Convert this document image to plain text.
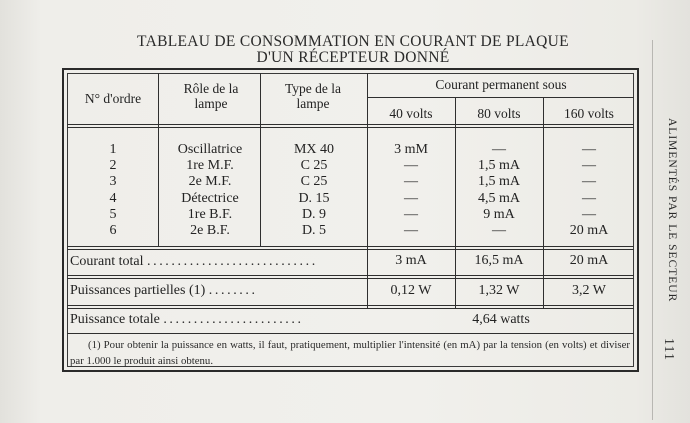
TABLEAU DE CONSOMMATION EN COURANT DE PLAQUE
D'UN RÉCEPTEUR DONNÉ
N° d'ordre
Rôle de la lampe
Type de la lampe
Courant permanent sous
40 volts	80 volts	160 volts
1	Oscillatrice	MX 40	3 mM	—	—
2	1re M.F.	C 25	—	1,5 mA	—
3	2e M.F.	C 25	—	1,5 mA	—
4	Détectrice	D. 15	—	4,5 mA	—
5	1re B.F.	D. 9	—	9 mA	—
6	2e B.F.	D. 5	—	—	20 mA
Courant total ............................	3 mA	16,5 mA	20 mA
Puissances partielles (1) ........	0,12 W	1,32 W	3,2 W
Puissance totale .......................	4,64 watts
(1) Pour obtenir la puissance en watts, il faut, pratiquement, multiplier l'intensité (en mA) par la tension (en volts) et diviser par 1.000 le produit ainsi obtenu.
ALIMENTÉS PAR LE SECTEUR
111
